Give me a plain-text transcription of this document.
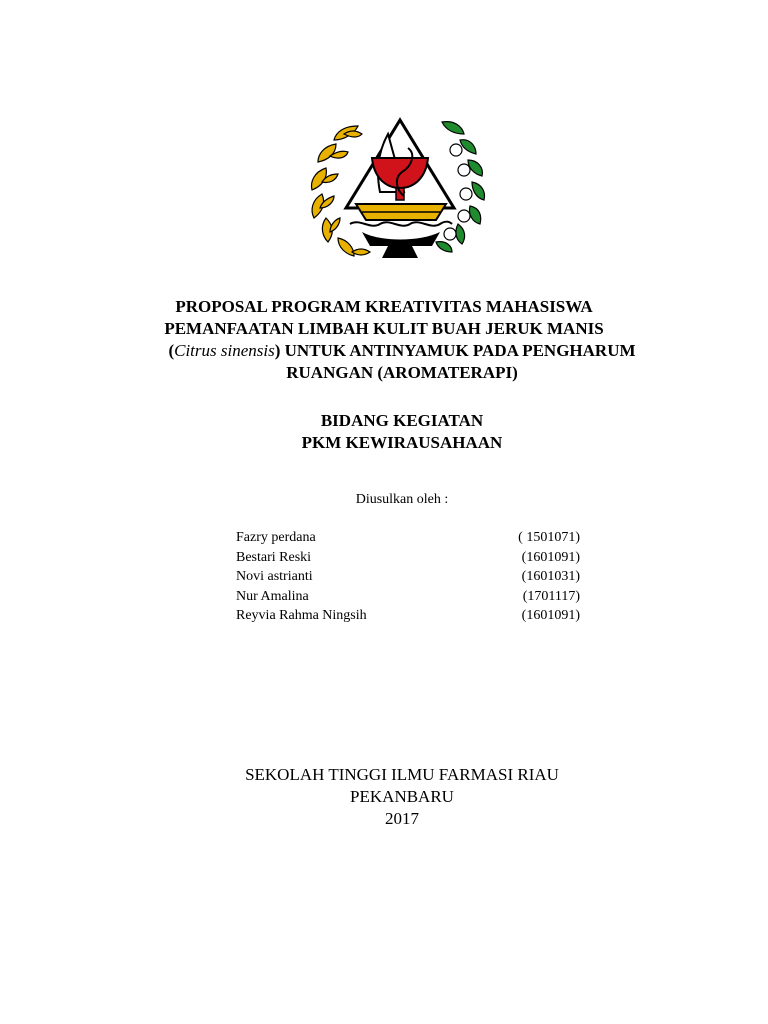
PROPOSAL PROGRAM KREATIVITAS MAHASISWA
PEMANFAATAN LIMBAH KULIT BUAH JERUK MANIS
(Citrus sinensis) UNTUK ANTINYAMUK PADA PENGHARUM
RUANGAN (AROMATERAPI)
BIDANG KEGIATAN
PKM KEWIRAUSAHAAN
Diusulkan oleh :
Fazry perdana	( 1501071)
Bestari Reski	(1601091)
Novi astrianti	(1601031)
Nur Amalina	(1701117)
Reyvia Rahma Ningsih	(1601091)
SEKOLAH TINGGI ILMU FARMASI RIAU
PEKANBARU
2017
